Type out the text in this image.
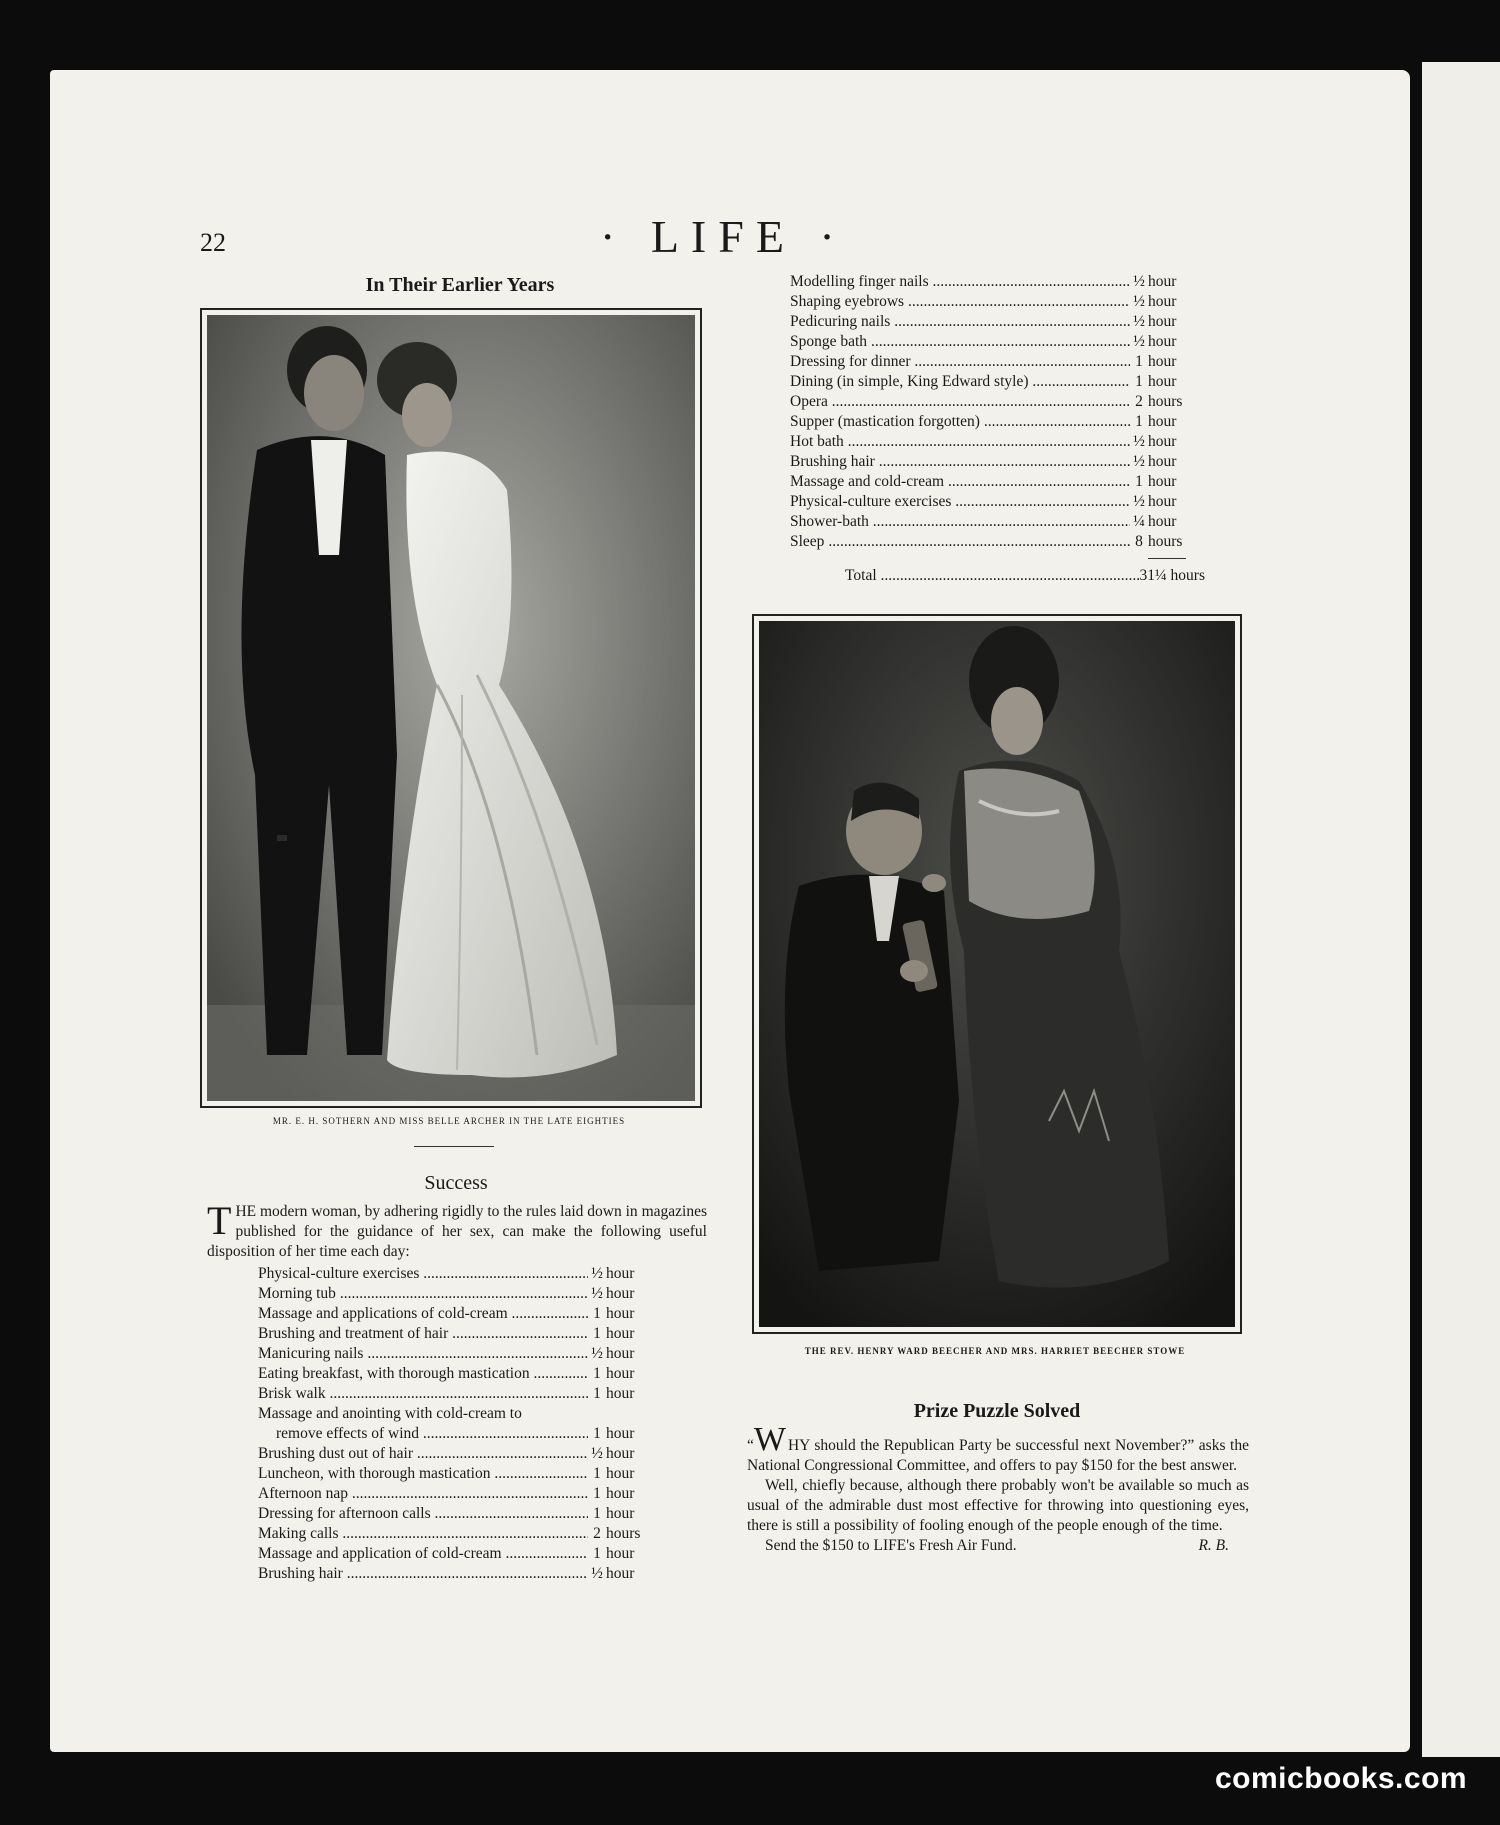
22	· LIFE ·
In Their Earlier Years
MR. E. H. SOTHERN AND MISS BELLE ARCHER IN THE LATE EIGHTIES
Success

THE modern woman, by adhering rigidly to the rules laid down in magazines published for the guidance of her sex, can make the following useful disposition of her time each day:

Physical-culture exercises .....	½ hour
Morning tub .....	½ hour
Massage and applications of cold-cream .....	1 hour
Brushing and treatment of hair .....	1 hour
Manicuring nails .....	½ hour
Eating breakfast, with thorough mastication .....	1 hour
Brisk walk .....	1 hour
Massage and anointing with cold-cream to
remove effects of wind .....	1 hour
Brushing dust out of hair .....	½ hour
Luncheon, with thorough mastication .....	1 hour
Afternoon nap .....	1 hour
Dressing for afternoon calls .....	1 hour
Making calls .....	2 hours
Massage and application of cold-cream .....	1 hour
Brushing hair .....	½ hour
Modelling finger nails .....	½ hour
Shaping eyebrows .....	½ hour
Pedicuring nails .....	½ hour
Sponge bath .....	½ hour
Dressing for dinner .....	1 hour
Dining (in simple, King Edward style) .....	1 hour
Opera .....	2 hours
Supper (mastication forgotten) .....	1 hour
Hot bath .....	½ hour
Brushing hair .....	½ hour
Massage and cold-cream .....	1 hour
Physical-culture exercises .....	½ hour
Shower-bath .....	¼ hour
Sleep .....	8 hours
Total .....	31¼ hours
THE REV. HENRY WARD BEECHER AND MRS. HARRIET BEECHER STOWE
Prize Puzzle Solved

“W HY should the Republican Party be successful next November?” asks the National Congressional Committee, and offers to pay $150 for the best answer.

Well, chiefly because, although there probably won't be available so much as usual of the admirable dust most effective for throwing into questioning eyes, there is still a possibility of fooling enough of the people enough of the time.

Send the $150 to LIFE's Fresh Air Fund.	R. B.

comicbooks.com
